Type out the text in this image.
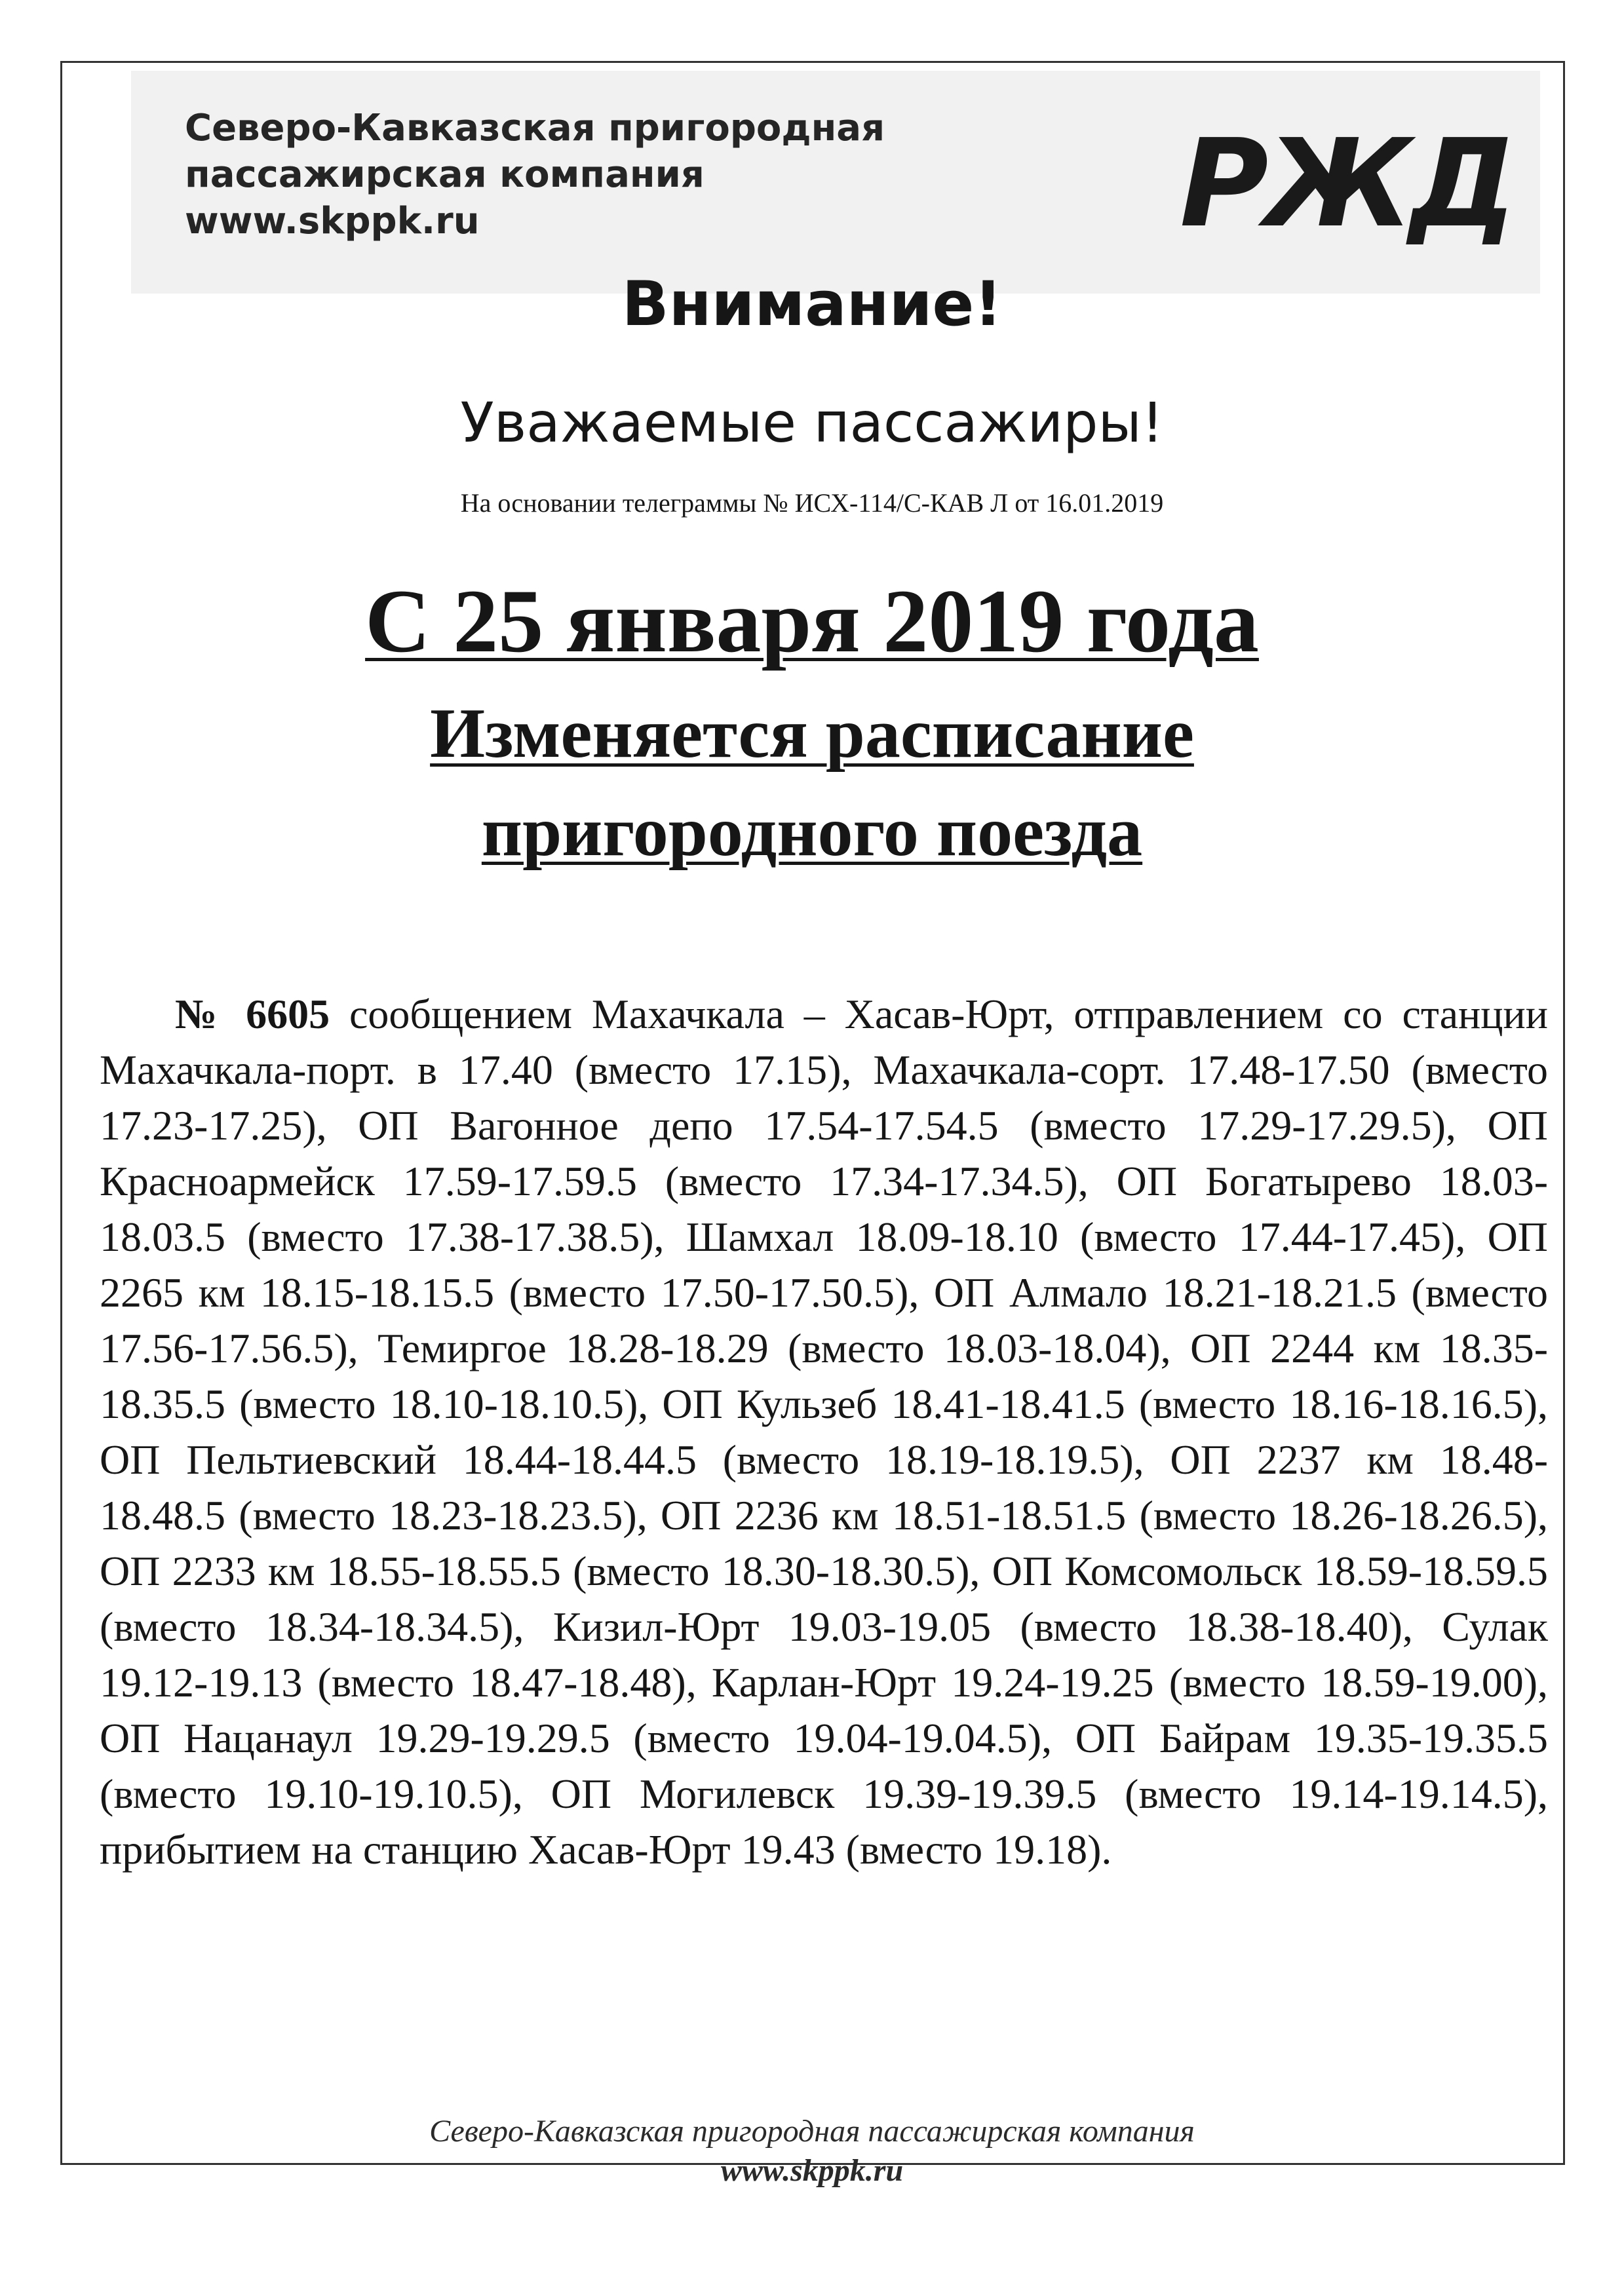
Северо-Кавказская пригородная
пассажирская компания
www.skppk.ru	РЖД
Внимание!
Уважаемые пассажиры!
На основании телеграммы № ИСХ-114/С-КАВ Л от 16.01.2019
С 25 января 2019 года
Изменяется расписание
пригородного поезда
№ 6605 сообщением Махачкала – Хасав-Юрт, отправлением со станции Махачкала-порт. в 17.40 (вместо 17.15), Махачкала-сорт. 17.48-17.50 (вместо 17.23-17.25), ОП Вагонное депо 17.54-17.54.5 (вместо 17.29-17.29.5), ОП Красноармейск 17.59-17.59.5 (вместо 17.34-17.34.5), ОП Богатырево 18.03-18.03.5 (вместо 17.38-17.38.5), Шамхал 18.09-18.10 (вместо 17.44-17.45), ОП 2265 км 18.15-18.15.5 (вместо 17.50-17.50.5), ОП Алмало 18.21-18.21.5 (вместо 17.56-17.56.5), Темиргое 18.28-18.29 (вместо 18.03-18.04), ОП 2244 км 18.35-18.35.5 (вместо 18.10-18.10.5), ОП Кульзеб 18.41-18.41.5 (вместо 18.16-18.16.5), ОП Пельтиевский 18.44-18.44.5 (вместо 18.19-18.19.5), ОП 2237 км 18.48-18.48.5 (вместо 18.23-18.23.5), ОП 2236 км 18.51-18.51.5 (вместо 18.26-18.26.5), ОП 2233 км 18.55-18.55.5 (вместо 18.30-18.30.5), ОП Комсомольск 18.59-18.59.5 (вместо 18.34-18.34.5), Кизил-Юрт 19.03-19.05 (вместо 18.38-18.40), Сулак 19.12-19.13 (вместо 18.47-18.48), Карлан-Юрт 19.24-19.25 (вместо 18.59-19.00), ОП Нацанаул 19.29-19.29.5 (вместо 19.04-19.04.5), ОП Байрам 19.35-19.35.5 (вместо 19.10-19.10.5), ОП Могилевск 19.39-19.39.5 (вместо 19.14-19.14.5), прибытием на станцию Хасав-Юрт 19.43 (вместо 19.18).
Северо-Кавказская пригородная пассажирская компания
www.skppk.ru
